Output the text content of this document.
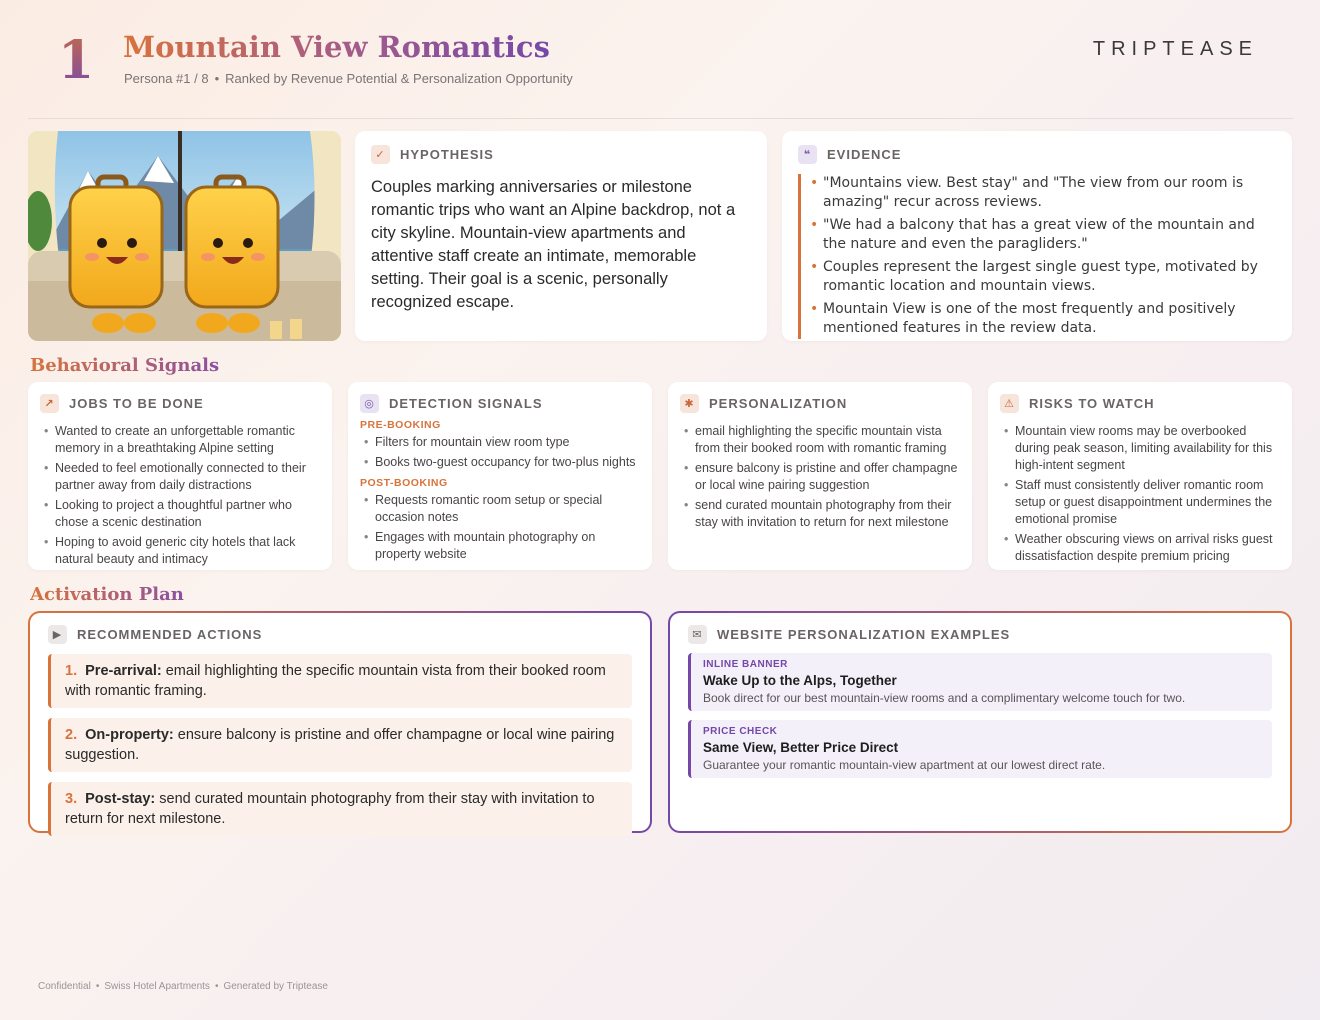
1 Mountain View Romantics
Persona #1 / 8 • Ranked by Revenue Potential & Personalization Opportunity
TRIPTEASE
✓	HYPOTHESIS
Couples marking anniversaries or milestone romantic trips who want an Alpine backdrop, not a city skyline. Mountain-view apartments and attentive staff create an intimate, memorable setting. Their goal is a scenic, personally recognized escape.
❝	EVIDENCE
• "Mountains view. Best stay" and "The view from our room is amazing" recur across reviews.
• "We had a balcony that has a great view of the mountain and the nature and even the paragliders."
• Couples represent the largest single guest type, motivated by romantic location and mountain views.
• Mountain View is one of the most frequently and positively mentioned features in the review data.
Behavioral Signals
↗	JOBS TO BE DONE
• Wanted to create an unforgettable romantic memory in a breathtaking Alpine setting
• Needed to feel emotionally connected to their partner away from daily distractions
• Looking to project a thoughtful partner who chose a scenic destination
• Hoping to avoid generic city hotels that lack natural beauty and intimacy
◎	DETECTION SIGNALS
PRE-BOOKING
• Filters for mountain view room type
• Books two-guest occupancy for two-plus nights
POST-BOOKING
• Requests romantic room setup or special occasion notes
• Engages with mountain photography on property website
✱	PERSONALIZATION
• email highlighting the specific mountain vista from their booked room with romantic framing
• ensure balcony is pristine and offer champagne or local wine pairing suggestion
• send curated mountain photography from their stay with invitation to return for next milestone
⚠	RISKS TO WATCH
• Mountain view rooms may be overbooked during peak season, limiting availability for this high-intent segment
• Staff must consistently deliver romantic room setup or guest disappointment undermines the emotional promise
• Weather obscuring views on arrival risks guest dissatisfaction despite premium pricing
Activation Plan
▶	RECOMMENDED ACTIONS
1. Pre-arrival: email highlighting the specific mountain vista from their booked room with romantic framing.
2. On-property: ensure balcony is pristine and offer champagne or local wine pairing suggestion.
3. Post-stay: send curated mountain photography from their stay with invitation to return for next milestone.
✉	WEBSITE PERSONALIZATION EXAMPLES
INLINE BANNER
Wake Up to the Alps, Together
Book direct for our best mountain-view rooms and a complimentary welcome touch for two.
PRICE CHECK
Same View, Better Price Direct
Guarantee your romantic mountain-view apartment at our lowest direct rate.
Confidential • Swiss Hotel Apartments • Generated by Triptease
